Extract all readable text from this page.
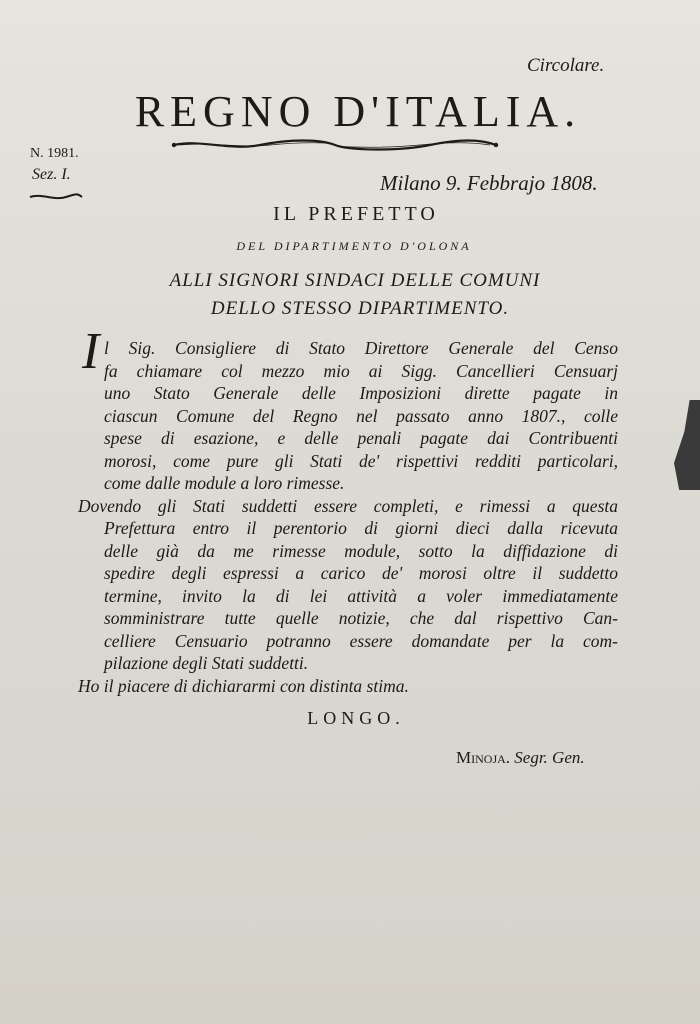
Circolare.
REGNO D'ITALIA.
N. 1981.
Sez. I.	Milano 9. Febbrajo 1808.
IL PREFETTO
DEL DIPARTIMENTO D'OLONA
ALLI SIGNORI SINDACI DELLE COMUNI
DELLO STESSO DIPARTIMENTO.
I l Sig. Consigliere di Stato Direttore Generale del Censo
fa chiamare col mezzo mio ai Sigg. Cancellieri Censuarj
uno Stato Generale delle Imposizioni dirette pagate in
ciascun Comune del Regno nel passato anno 1807., colle
spese di esazione, e delle penali pagate dai Contribuenti
morosi, come pure gli Stati de' rispettivi redditi particolari,
come dalle module a loro rimesse.
Dovendo gli Stati suddetti essere completi, e rimessi a questa
Prefettura entro il perentorio di giorni dieci dalla ricevuta
delle già da me rimesse module, sotto la diffidazione di
spedire degli espressi a carico de' morosi oltre il suddetto
termine, invito la di lei attività a voler immediatamente
somministrare tutte quelle notizie, che dal rispettivo Can-
celliere Censuario potranno essere domandate per la com-
pilazione degli Stati suddetti.
Ho il piacere di dichiararmi con distinta stima.
LONGO.
Minoja. Segr. Gen.
